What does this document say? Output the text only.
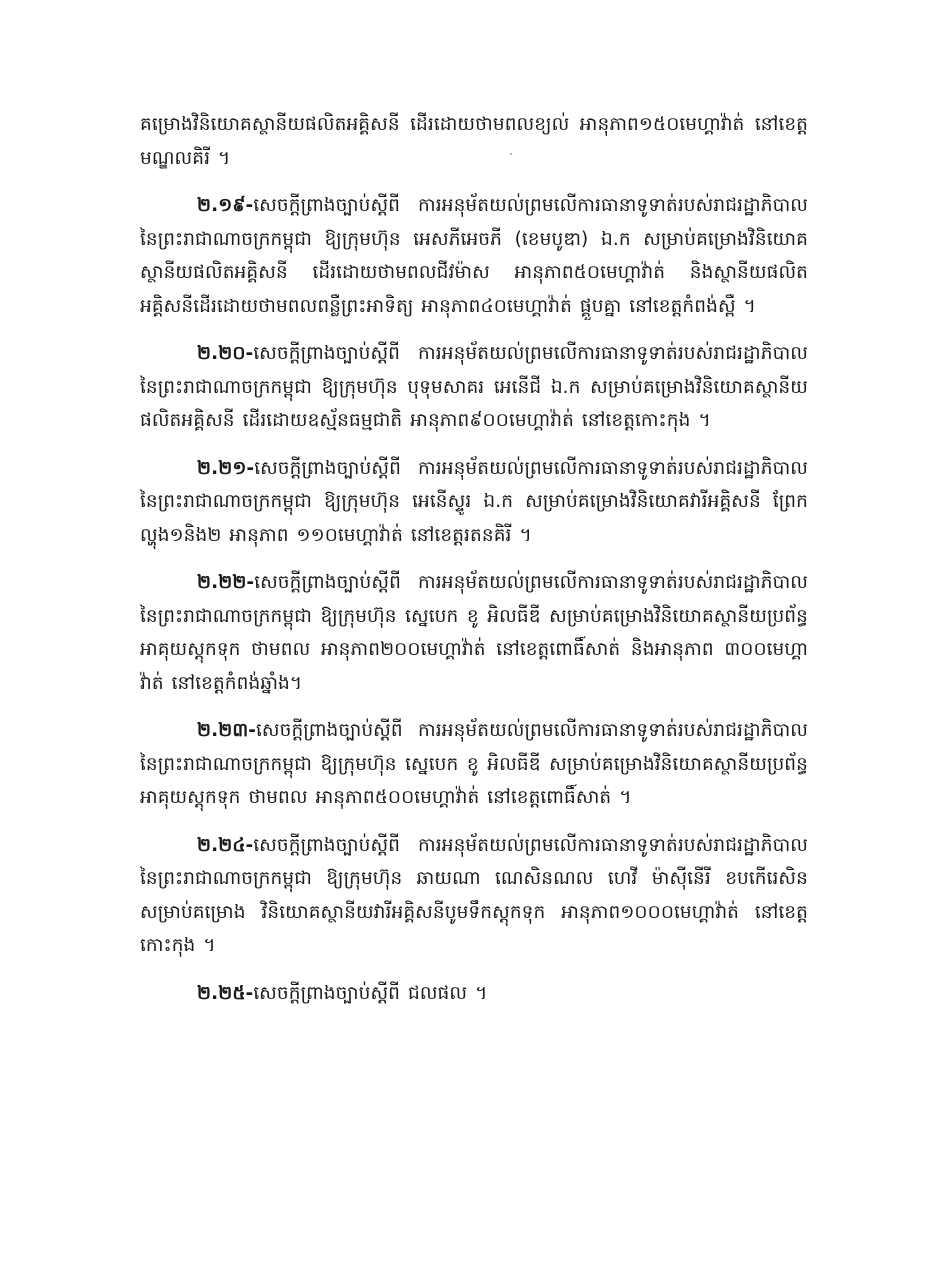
គម្រោងវិនិយោគស្ថានីយផលិតអគ្គិសនី ដើរដោយថាមពលខ្យល់ អានុភាព១៥០មេហ្គាវ៉ាត់ នៅខេត្តមណ្ឌលគិរី ។

២.១៩-សេចក្តីព្រាងច្បាប់ស្តីពី ការអនុម័តយល់ព្រមលើការធានាទូទាត់របស់រាជរដ្ឋាភិបាលនៃព្រះរាជាណាចក្រកម្ពុជា ឱ្យក្រុមហ៊ុន អេសភីអេចភី (ខេមបូឌា) ឯ.ក សម្រាប់គម្រោងវិនិយោគស្ថានីយផលិតអគ្គិសនី ដើរដោយថាមពលជីវម៉ាស អានុភាព៥០មេហ្គាវ៉ាត់ និងស្ថានីយផលិតអគ្គិសនីដើរដោយថាមពលពន្លឺព្រះអាទិត្យ អានុភាព៤០មេហ្គាវ៉ាត់ ផ្គួបគ្នា នៅខេត្តកំពង់ស្ពឺ ។

២.២០-សេចក្តីព្រាងច្បាប់ស្តីពី ការអនុម័តយល់ព្រមលើការធានាទូទាត់របស់រាជរដ្ឋាភិបាលនៃព្រះរាជាណាចក្រកម្ពុជា ឱ្យក្រុមហ៊ុន បុទុមសាគរ អេនើជី ឯ.ក សម្រាប់គម្រោងវិនិយោគស្ថានីយផលិតអគ្គិសនី ដើរដោយឧស្ម័នធម្មជាតិ អានុភាព៩០០មេហ្គាវ៉ាត់ នៅខេត្តកោះកុង ។

២.២១-សេចក្តីព្រាងច្បាប់ស្តីពី ការអនុម័តយល់ព្រមលើការធានាទូទាត់របស់រាជរដ្ឋាភិបាលនៃព្រះរាជាណាចក្រកម្ពុជា ឱ្យក្រុមហ៊ុន អេនើស្ទូរ ឯ.ក សម្រាប់គម្រោងវិនិយោគវារីអគ្គិសនី ព្រែកល្ហុង១និង២ អានុភាព ១១០មេហ្គាវ៉ាត់ នៅខេត្តរតនគិរី ។

២.២២-សេចក្តីព្រាងច្បាប់ស្តីពី ការអនុម័តយល់ព្រមលើការធានាទូទាត់របស់រាជរដ្ឋាភិបាលនៃព្រះរាជាណាចក្រកម្ពុជា ឱ្យក្រុមហ៊ុន ស្នេបេក ខូ អិលធីឌី សម្រាប់គម្រោងវិនិយោគស្ថានីយប្រព័ន្ធអាគុយស្តុកទុក ថាមពល អានុភាព២០០មេហ្គាវ៉ាត់ នៅខេត្តពោធិ៍សាត់ និងអានុភាព ៣០០មេហ្គាវ៉ាត់ នៅខេត្តកំពង់ឆ្នាំង។

២.២៣-សេចក្តីព្រាងច្បាប់ស្តីពី ការអនុម័តយល់ព្រមលើការធានាទូទាត់របស់រាជរដ្ឋាភិបាលនៃព្រះរាជាណាចក្រកម្ពុជា ឱ្យក្រុមហ៊ុន ស្នេបេក ខូ អិលធីឌី សម្រាប់គម្រោងវិនិយោគស្ថានីយប្រព័ន្ធអាគុយស្តុកទុក ថាមពល អានុភាព៥០០មេហ្គាវ៉ាត់ នៅខេត្តពោធិ៍សាត់ ។

២.២៤-សេចក្តីព្រាងច្បាប់ស្តីពី ការអនុម័តយល់ព្រមលើការធានាទូទាត់របស់រាជរដ្ឋាភិបាលនៃព្រះរាជាណាចក្រកម្ពុជា ឱ្យក្រុមហ៊ុន ឆាយណា ណេសិនណល ហេវី ម៉ាស៊ីនើរី ខបកើរេសិន សម្រាប់គម្រោង វិនិយោគស្ថានីយវារីអគ្គិសនីបូមទឹកស្តុកទុក អានុភាព១០០០មេហ្គាវ៉ាត់ នៅខេត្តកោះកុង ។

២.២៥-សេចក្តីព្រាងច្បាប់ស្តីពី ជលផល ។
